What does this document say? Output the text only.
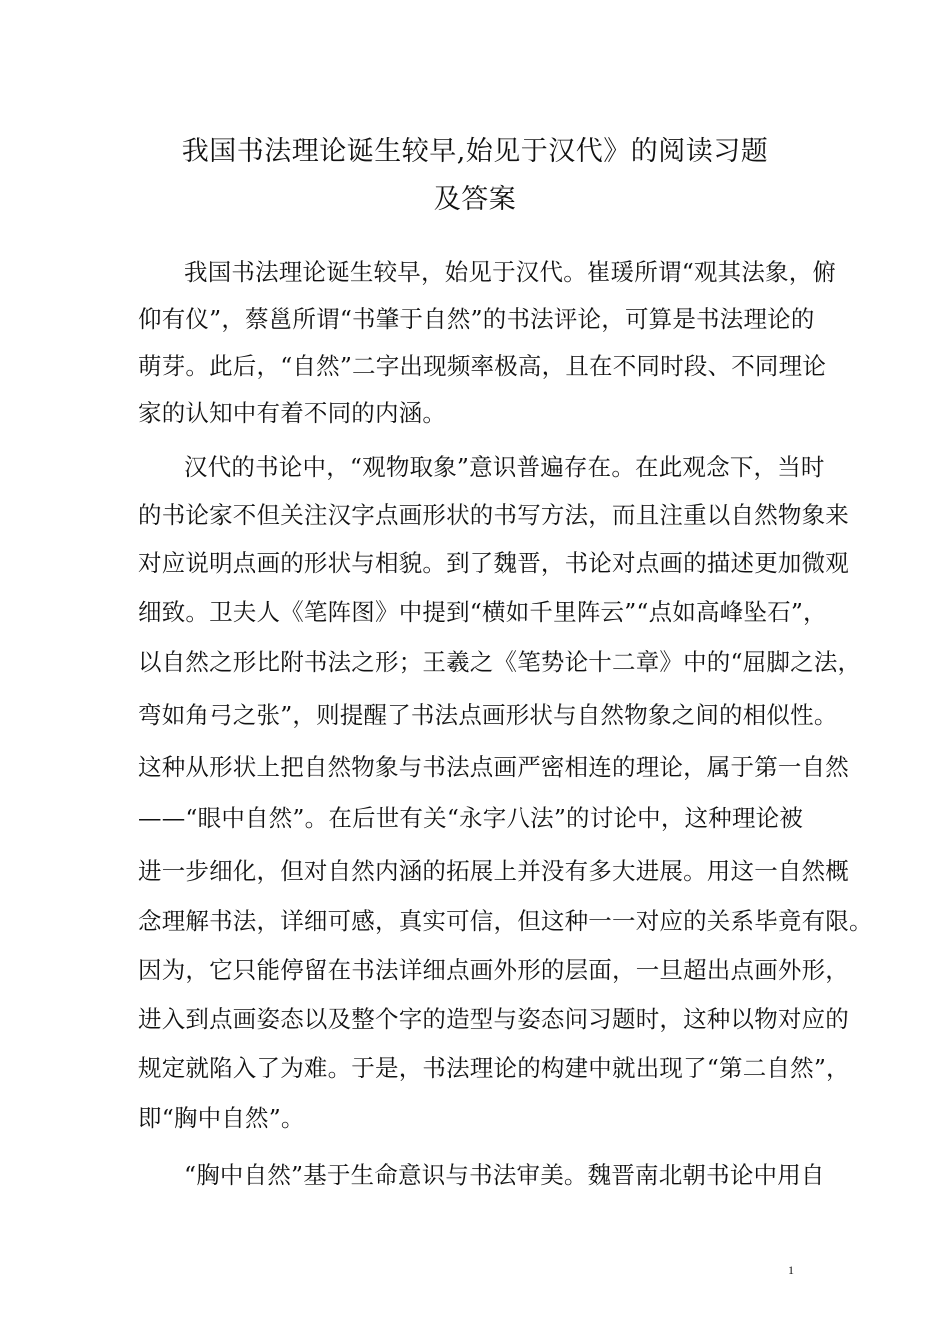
我国书法理论诞生较早,始见于汉代》的阅读习题
及答案
我国书法理论诞生较早，始见于汉代。崔瑗所谓“观其法象，俯
仰有仪”，蔡邕所谓“书肇于自然”的书法评论，可算是书法理论的
萌芽。此后，“自然”二字出现频率极高，且在不同时段、不同理论
家的认知中有着不同的内涵。
汉代的书论中，“观物取象”意识普遍存在。在此观念下，当时
的书论家不但关注汉字点画形状的书写方法，而且注重以自然物象来
对应说明点画的形状与相貌。到了魏晋，书论对点画的描述更加微观
细致。卫夫人《笔阵图》中提到“横如千里阵云”“点如高峰坠石”，
以自然之形比附书法之形；王羲之《笔势论十二章》中的“屈脚之法，
弯如角弓之张”，则提醒了书法点画形状与自然物象之间的相似性。
这种从形状上把自然物象与书法点画严密相连的理论，属于第一自然
——“眼中自然”。在后世有关“永字八法”的讨论中，这种理论被
进一步细化，但对自然内涵的拓展上并没有多大进展。用这一自然概
念理解书法，详细可感，真实可信，但这种一一对应的关系毕竟有限。
因为，它只能停留在书法详细点画外形的层面，一旦超出点画外形，
进入到点画姿态以及整个字的造型与姿态问习题时，这种以物对应的
规定就陷入了为难。于是，书法理论的构建中就出现了“第二自然”，
即“胸中自然”。
“胸中自然”基于生命意识与书法审美。魏晋南北朝书论中用自
1
